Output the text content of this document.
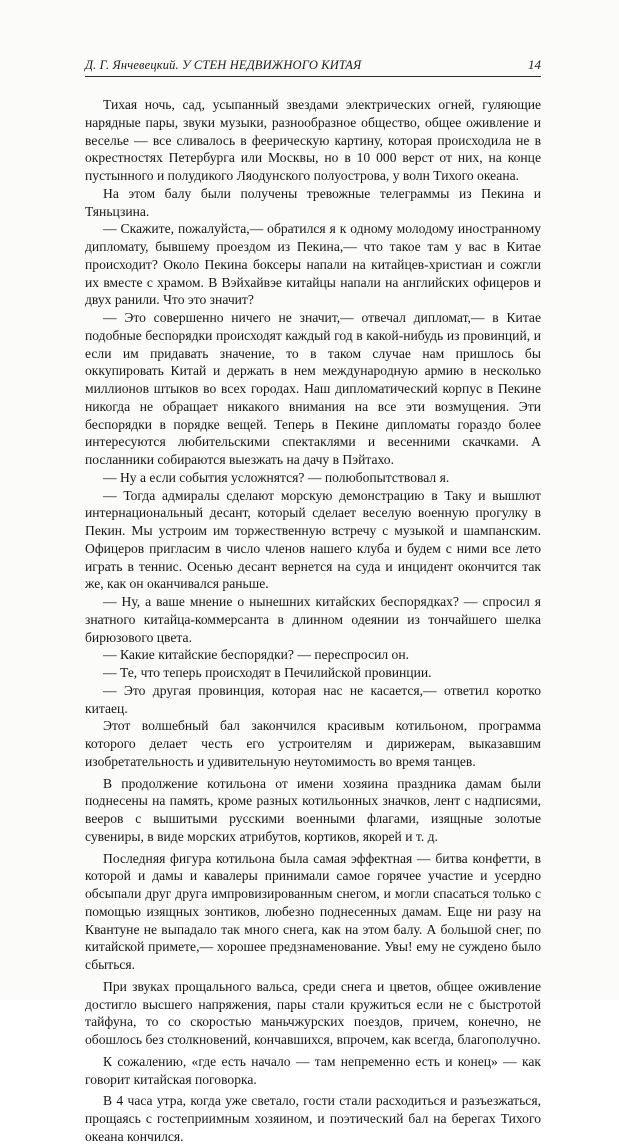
Д. Г. Янчевецкий. У СТЕН НЕДВИЖНОГО КИТАЯ	14

Тихая ночь, сад, усыпанный звездами электрических огней, гуляющие нарядные пары, звуки музыки, разнообразное общество, общее оживление и веселье — все сливалось в феерическую картину, которая происходила не в окрестностях Петербурга или Москвы, но в 10 000 верст от них, на конце пустынного и полудикого Ляодунского полуострова, у волн Тихого океана.

На этом балу были получены тревожные телеграммы из Пекина и Тяньцзина.

— Скажите, пожалуйста,— обратился я к одному молодому иностранному дипломату, бывшему проездом из Пекина,— что такое там у вас в Китае происходит? Около Пекина боксеры напали на китайцев-христиан и сожгли их вместе с храмом. В Вэйхайвэе китайцы напали на английских офицеров и двух ранили. Что это значит?

— Это совершенно ничего не значит,— отвечал дипломат,— в Китае подобные беспорядки происходят каждый год в какой-нибудь из провинций, и если им придавать значение, то в таком случае нам пришлось бы оккупировать Китай и держать в нем международную армию в несколько миллионов штыков во всех городах. Наш дипломатический корпус в Пекине никогда не обращает никакого внимания на все эти возмущения. Эти беспорядки в порядке вещей. Теперь в Пекине дипломаты гораздо более интересуются любительскими спектаклями и весенними скачками. А посланники собираются выезжать на дачу в Пэйтахо.

— Ну а если события усложнятся? — полюбопытствовал я.

— Тогда адмиралы сделают морскую демонстрацию в Таку и вышлют интернациональный десант, который сделает веселую военную прогулку в Пекин. Мы устроим им торжественную встречу с музыкой и шампанским. Офицеров пригласим в число членов нашего клуба и будем с ними все лето играть в теннис. Осенью десант вернется на суда и инцидент окончится так же, как он оканчивался раньше.

— Ну, а ваше мнение о нынешних китайских беспорядках? — спросил я знатного китайца-коммерсанта в длинном одеянии из тончайшего шелка бирюзового цвета.

— Какие китайские беспорядки? — переспросил он.

— Те, что теперь происходят в Печилийской провинции.

— Это другая провинция, которая нас не касается,— ответил коротко китаец.

Этот волшебный бал закончился красивым котильоном, программа которого делает честь его устроителям и дирижерам, выказавшим изобретательность и удивительную неутомимость во время танцев.

В продолжение котильона от имени хозяина праздника дамам были поднесены на память, кроме разных котильонных значков, лент с надписями, вееров с вышитыми русскими военными флагами, изящные золотые сувениры, в виде морских атрибутов, кортиков, якорей и т. д.

Последняя фигура котильона была самая эффектная — битва конфетти, в которой и дамы и кавалеры принимали самое горячее участие и усердно обсыпали друг друга импровизированным снегом, и могли спасаться только с помощью изящных зонтиков, любезно поднесенных дамам. Еще ни разу на Квантуне не выпадало так много снега, как на этом балу. А большой снег, по китайской примете,— хорошее предзнаменование. Увы! ему не суждено было сбыться.

При звуках прощального вальса, среди снега и цветов, общее оживление достигло высшего напряжения, пары стали кружиться если не с быстротой тайфуна, то со скоростью маньчжурских поездов, причем, конечно, не обошлось без столкновений, кончавшихся, впрочем, как всегда, благополучно.

К сожалению, «где есть начало — там непременно есть и конец» — как говорит китайская поговорка.

В 4 часа утра, когда уже светало, гости стали расходиться и разъезжаться, прощаясь с гостеприимным хозяином, и поэтический бал на берегах Тихого океана кончился.
